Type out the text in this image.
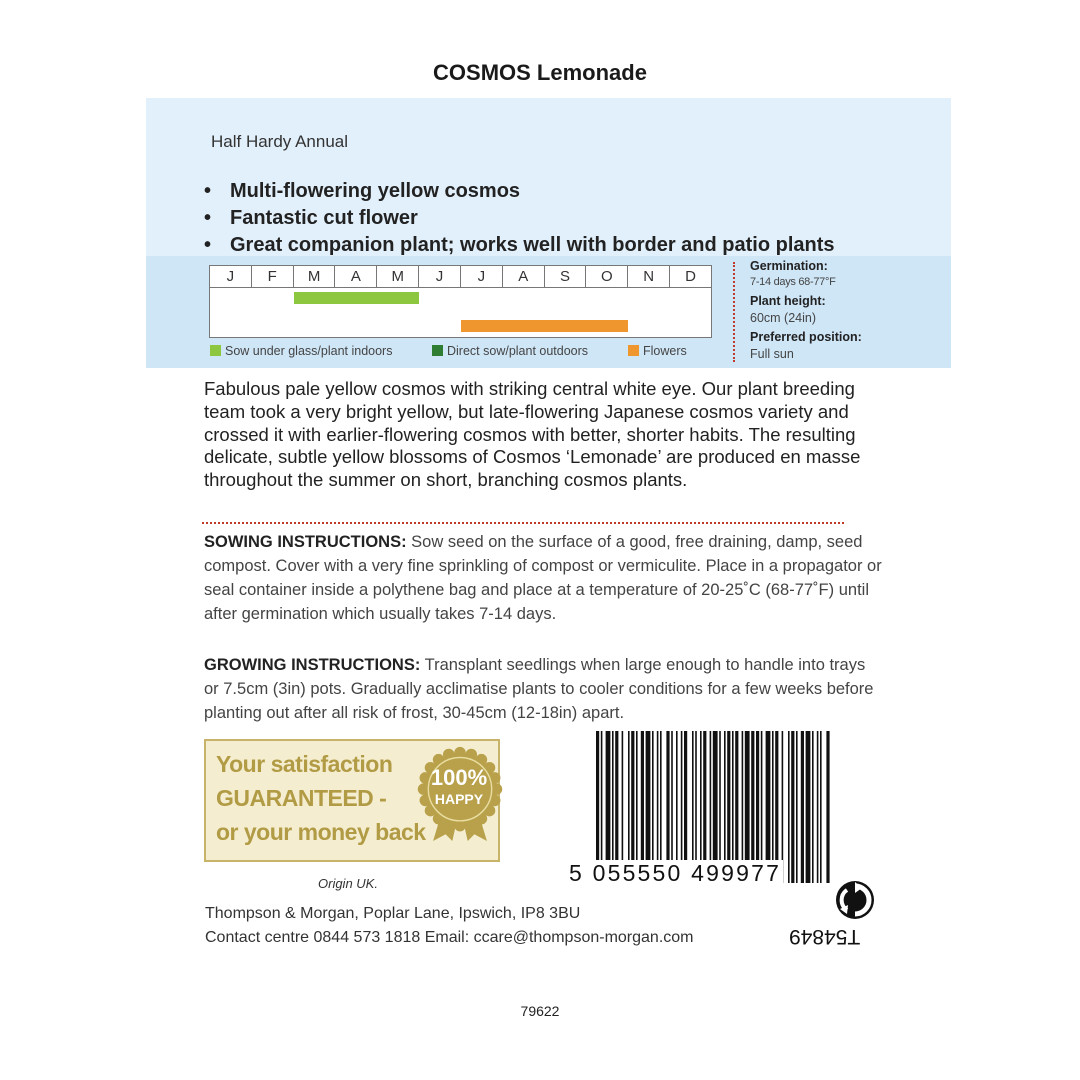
COSMOS Lemonade
Half Hardy Annual
• Multi-flowering yellow cosmos
• Fantastic cut flower
• Great companion plant; works well with border and patio plants
J	F	M	A	M	J	J	A	S	O	N	D
Sow under glass/plant indoors	Direct sow/plant outdoors	Flowers
Germination:
7-14 days 68-77°F
Plant height:
60cm (24in)
Preferred position:
Full sun
Fabulous pale yellow cosmos with striking central white eye. Our plant breeding team took a very bright yellow, but late-flowering Japanese cosmos variety and crossed it with earlier-flowering cosmos with better, shorter habits. The resulting delicate, subtle yellow blossoms of Cosmos ‘Lemonade’ are produced en masse throughout the summer on short, branching cosmos plants.
SOWING INSTRUCTIONS: Sow seed on the surface of a good, free draining, damp, seed compost. Cover with a very fine sprinkling of compost or vermiculite. Place in a propagator or seal container inside a polythene bag and place at a temperature of 20-25˚C (68-77˚F) until after germination which usually takes 7-14 days.
GROWING INSTRUCTIONS: Transplant seedlings when large enough to handle into trays or 7.5cm (3in) pots. Gradually acclimatise plants to cooler conditions for a few weeks before planting out after all risk of frost, 30-45cm (12-18in) apart.
Your satisfaction
GUARANTEED -
or your money back
100%
HAPPY
Origin UK.	5 055550 499977
Thompson & Morgan, Poplar Lane, Ipswich, IP8 3BU
Contact centre 0844 573 1818 Email: ccare@thompson-morgan.com	T54849
79622
